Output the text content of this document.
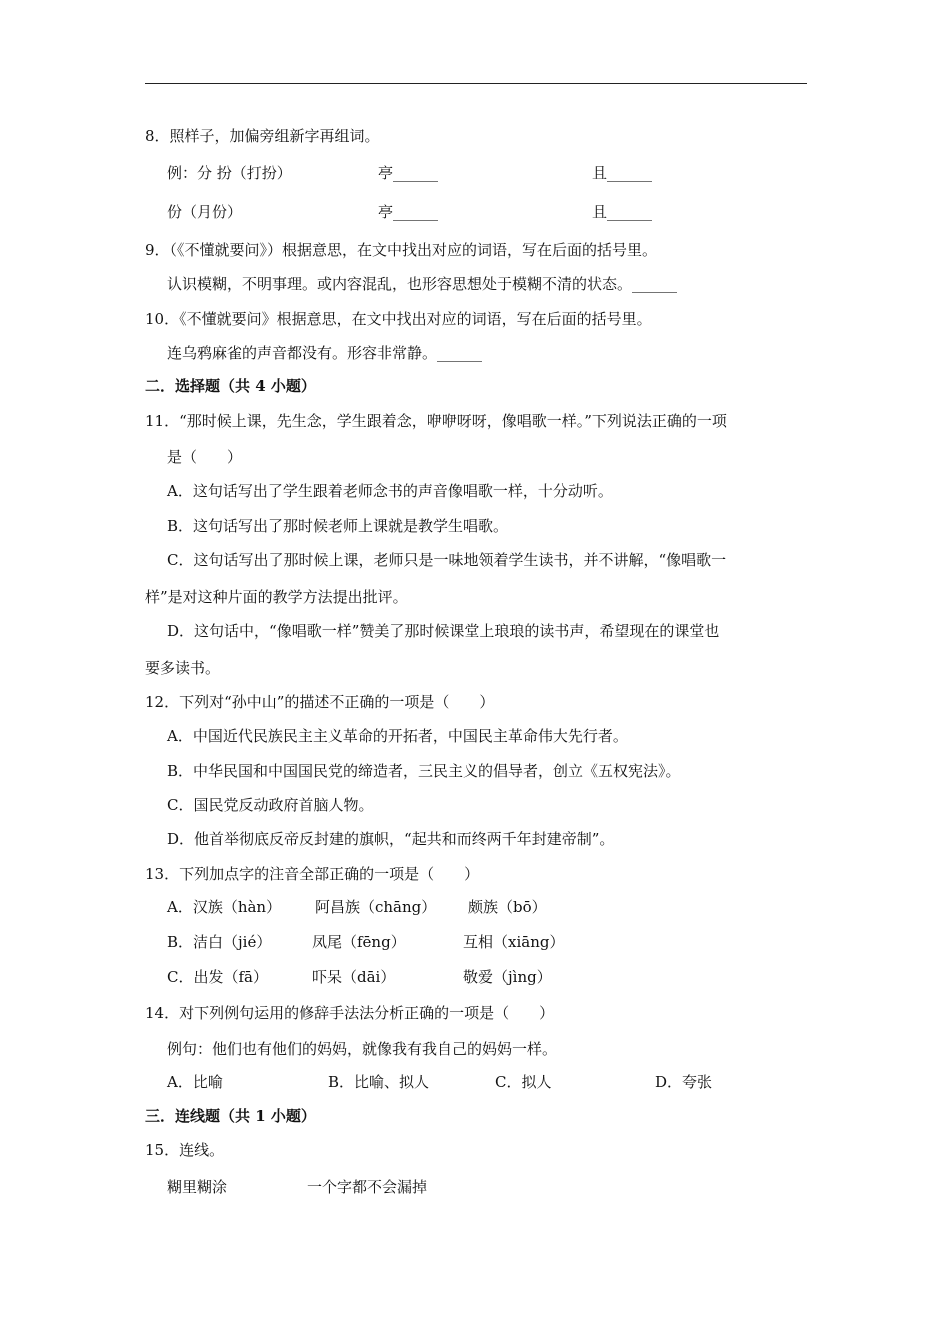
8．照样子，加偏旁组新字再组词。
例：分 扮（打扮）	亭______	且______
份（月份）	亭______	且______
9．（《不懂就要问》）根据意思，在文中找出对应的词语，写在后面的括号里。
认识模糊，不明事理。或内容混乱，也形容思想处于模糊不清的状态。______
10．《不懂就要问》根据意思，在文中找出对应的词语，写在后面的括号里。
连乌鸦麻雀的声音都没有。形容非常静。______
二．选择题（共 4 小题）
11．“那时候上课，先生念，学生跟着念，咿咿呀呀，像唱歌一样。”下列说法正确的一项
是（　　）
A．这句话写出了学生跟着老师念书的声音像唱歌一样，十分动听。
B．这句话写出了那时候老师上课就是教学生唱歌。
C．这句话写出了那时候上课，老师只是一味地领着学生读书，并不讲解，“像唱歌一
样”是对这种片面的教学方法提出批评。
D．这句话中，“像唱歌一样”赞美了那时候课堂上琅琅的读书声，希望现在的课堂也
要多读书。
12．下列对“孙中山”的描述不正确的一项是（　　）
A．中国近代民族民主主义革命的开拓者，中国民主革命伟大先行者。
B．中华民国和中国国民党的缔造者，三民主义的倡导者，创立《五权宪法》。
C．国民党反动政府首脑人物。
D．他首举彻底反帝反封建的旗帜，“起共和而终两千年封建帝制”。
13．下列加点字的注音全部正确的一项是（　　）
A．汉族（hàn） 阿昌族（chāng） 颇族（bō）
B．洁白（jié）	凤尾（fēng）	互相（xiāng）
C．出发（fā）	吓呆（dāi）	敬爱（jìng）
14．对下列例句运用的修辞手法法分析正确的一项是（　　）
例句：他们也有他们的妈妈，就像我有我自己的妈妈一样。
A．比喻	B．比喻、拟人	C．拟人	D．夸张
三．连线题（共 1 小题）
15．连线。
糊里糊涂	一个字都不会漏掉
